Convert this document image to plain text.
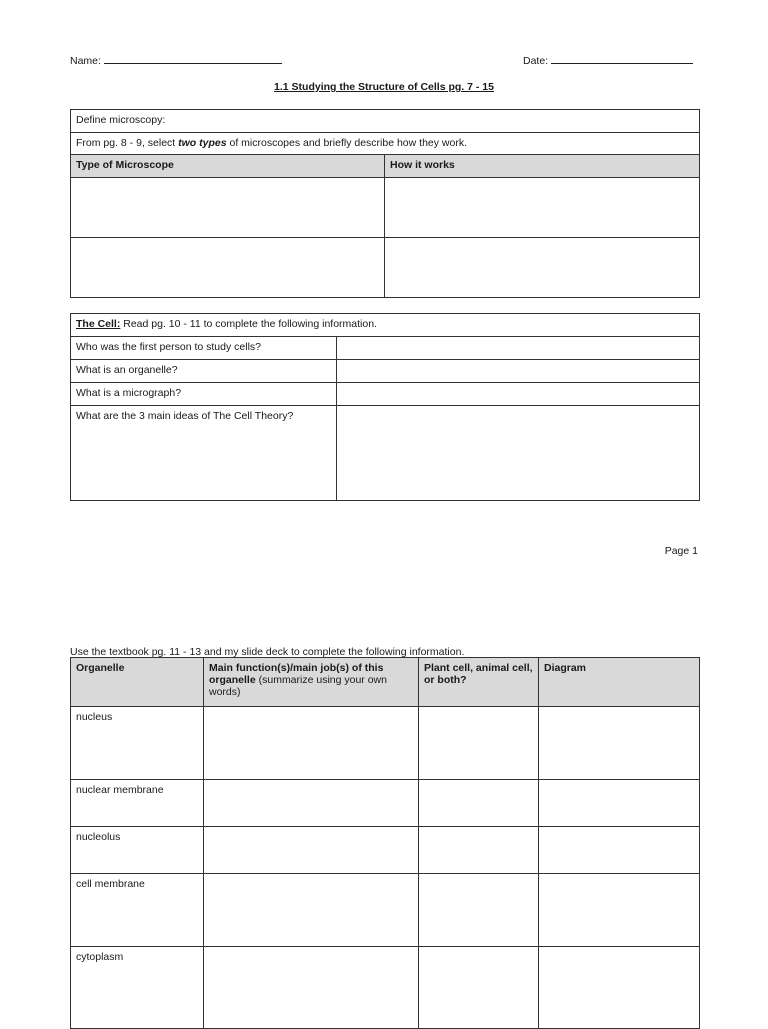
Name:	Date:
1.1 Studying the Structure of Cells pg. 7 - 15
Define microscopy:	
From pg. 8 - 9, select two types of microscopes and briefly describe how they work.	
Type of Microscope	How it works

The Cell: Read pg. 10 - 11 to complete the following information.	
Who was the first person to study cells?	
What is an organelle?	
What is a micrograph?	
What are the 3 main ideas of The Cell Theory?	
Page 1
Use the textbook pg. 11 - 13 and my slide deck to complete the following information.
Organelle	Main function(s)/main job(s) of this organelle (summarize using your own words)	Plant cell, animal cell, or both?	Diagram
nucleus			
nuclear membrane			
nucleolus			
cell membrane			
cytoplasm			
